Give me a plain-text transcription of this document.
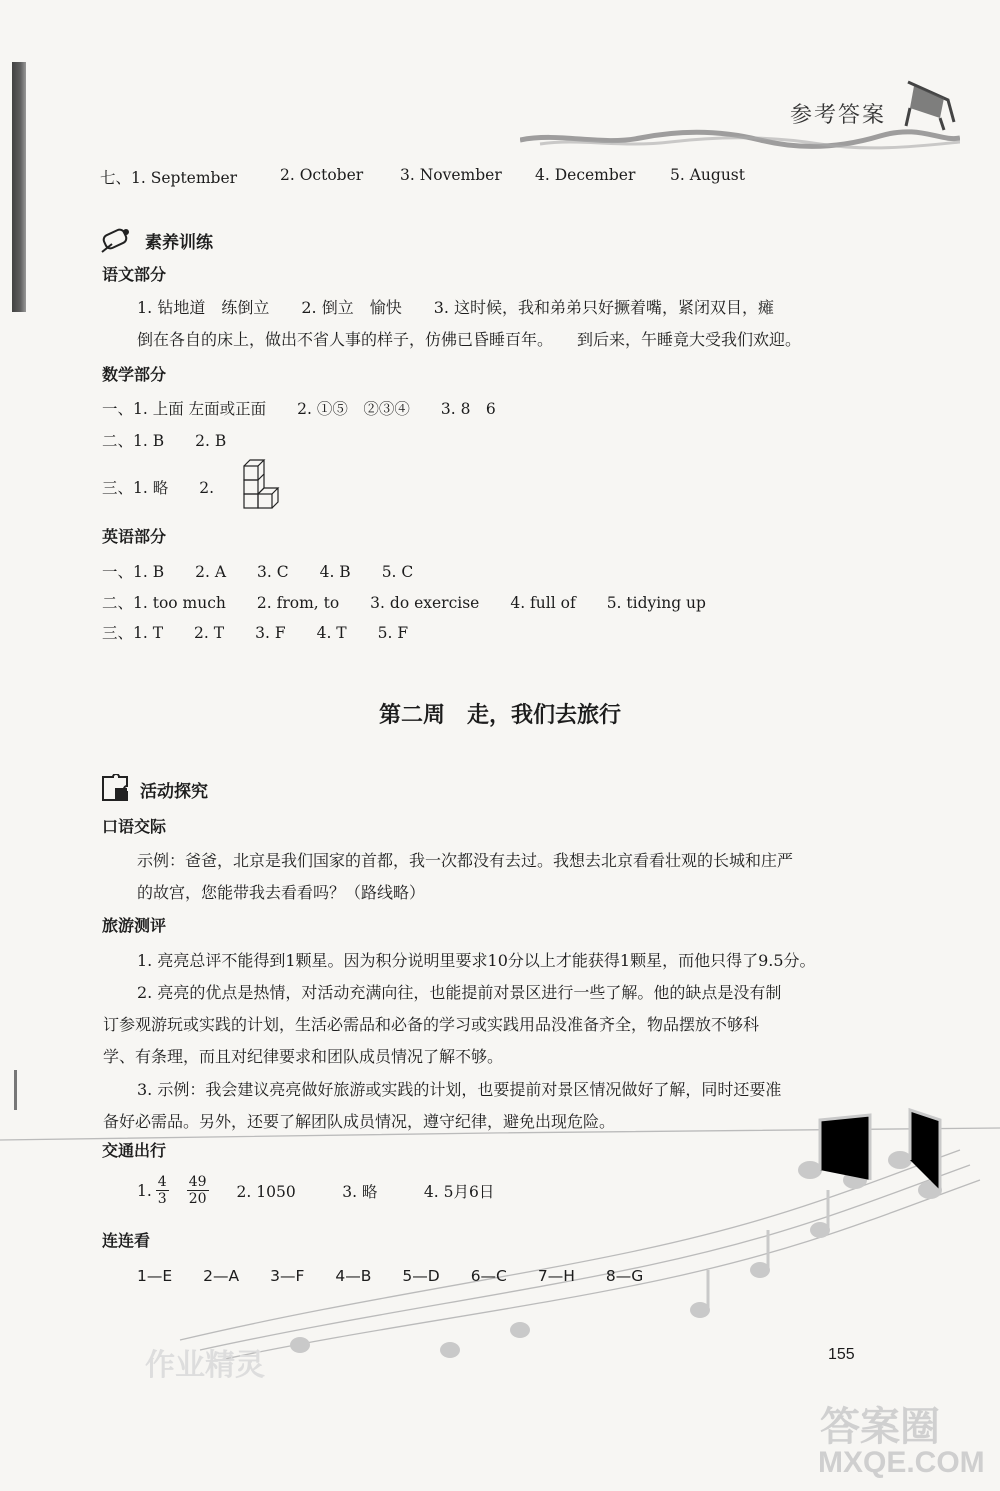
参考答案
七、1. September	2. October 3. November 4. December 5. August
素养训练
语文部分
1. 钻地道　练倒立　　2. 倒立　愉快　　3. 这时候，我和弟弟只好撅着嘴，紧闭双目，瘫
倒在各自的床上，做出不省人事的样子，仿佛已昏睡百年。　　到后来，午睡竟大受我们欢迎。
数学部分
一、1. 上面 左面或正面　　2. ①⑤　②③④　　3. 8　6
二、1. B　　2. B
三、1. 略　　2.
英语部分
一、1. B　　2. A　　3. C　　4. B　　5. C
二、1. too much　　2. from, to　　3. do exercise　　4. full of　　5. tidying up
三、1. T　　2. T　　3. F　　4. T　　5. F
第二周　走，我们去旅行
活动探究
口语交际
示例：爸爸，北京是我们国家的首都，我一次都没有去过。我想去北京看看壮观的长城和庄严
的故宫，您能带我去看看吗？（路线略）
旅游测评
1. 亮亮总评不能得到1颗星。因为积分说明里要求10分以上才能获得1颗星，而他只得了9.5分。
2. 亮亮的优点是热情，对活动充满向往，也能提前对景区进行一些了解。他的缺点是没有制
订参观游玩或实践的计划，生活必需品和必备的学习或实践用品没准备齐全，物品摆放不够科
学、有条理，而且对纪律要求和团队成员情况了解不够。
3. 示例：我会建议亮亮做好旅游或实践的计划，也要提前对景区情况做好了解，同时还要准
备好必需品。另外，还要了解团队成员情况，遵守纪律，避免出现危险。
交通出行
1. $\frac{4}{3} \frac{49}{20} 2$. 1050　　　3. 略　　　4. 5月6日
连连看
1—E　　2—A　　3—F　　4—B　　5—D　　6—C　　7—H　　8—G
作业精灵	155
答案圈
MXQE.COM
